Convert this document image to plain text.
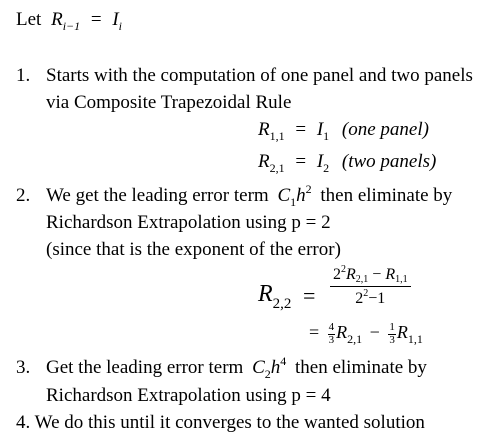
Let $R_{i-1} = I_i$
1. Starts with the computation of one panel and two panels
via Composite Trapezoidal Rule
$R_{1,1} = I_1$ (one panel)
$R_{2,1} = I_2$ (two panels)
2. We get the leading error term $C_1h^2$ then eliminate by
Richardson Extrapolation using p = 2
(since that is the exponent of the error)
$R_{2,2}$ =
$2^2R2,1 - R1,1$
$2^2-1$
= $\frac{4}{3} R_{2,1} - \frac{1}{3} R_{1,1}$
3. Get the leading error term $C_2h^4$ then eliminate by
Richardson Extrapolation using p = 4
4. We do this until it converges to the wanted solution
